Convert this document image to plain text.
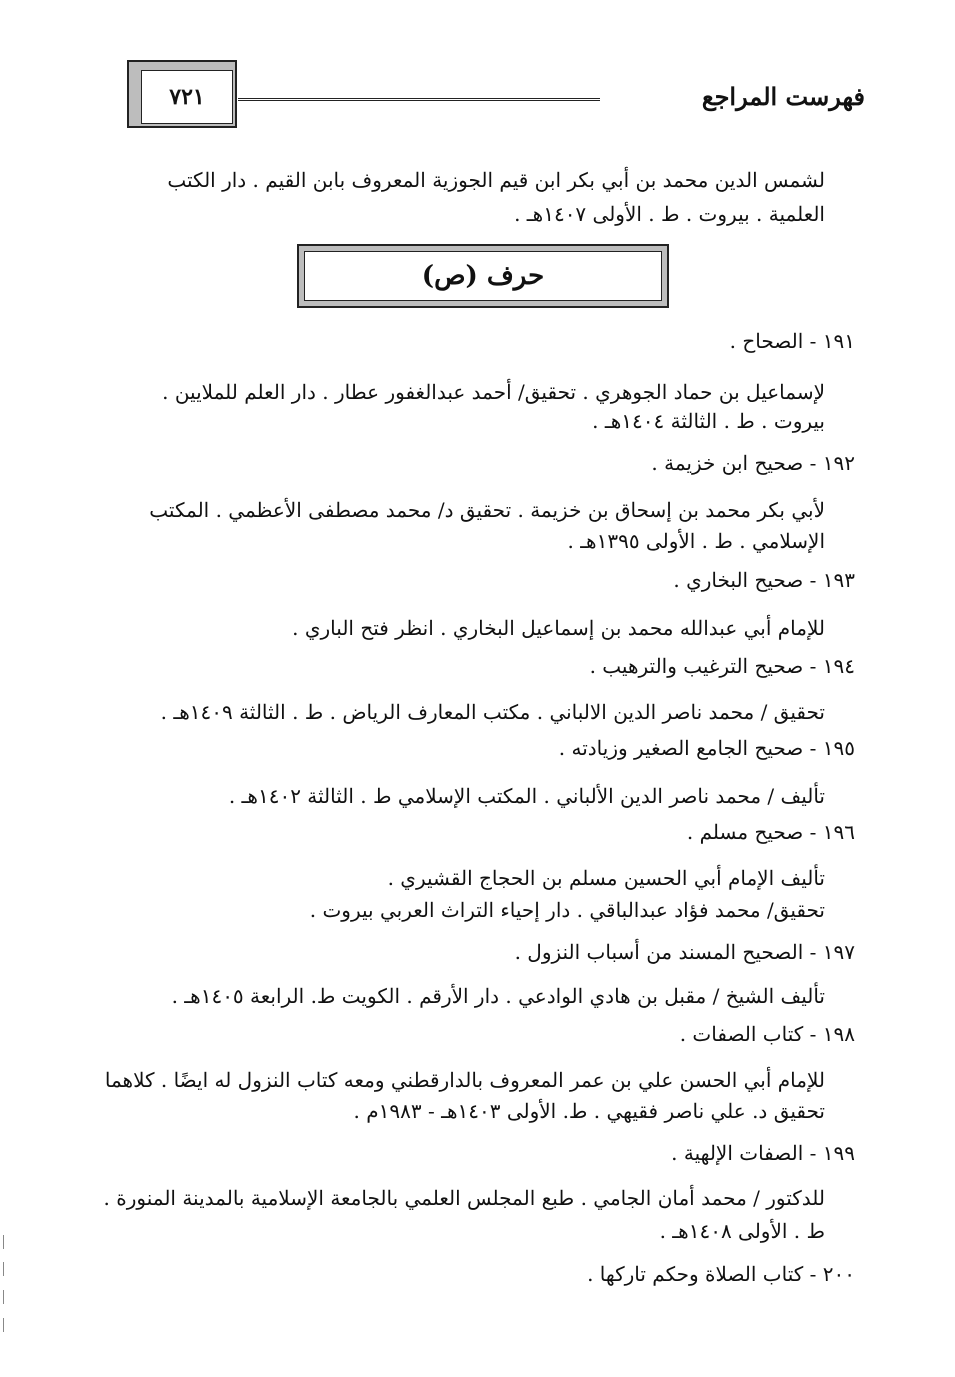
٧٢١	فهرست المراجع
لشمس الدين محمد بن أبي بكر ابن قيم الجوزية المعروف بابن القيم . دار الكتب
العلمية . بيروت . ط . الأولى ١٤٠٧هـ .
حرف (ص)
١٩١ - الصحاح .
لإسماعيل بن حماد الجوهري . تحقيق/ أحمد عبدالغفور عطار . دار العلم للملايين .
بيروت . ط . الثالثة ١٤٠٤هـ .
١٩٢ - صحيح ابن خزيمة .
لأبي بكر محمد بن إسحاق بن خزيمة . تحقيق د/ محمد مصطفى الأعظمي . المكتب
الإسلامي . ط . الأولى ١٣٩٥هـ .
١٩٣ - صحيح البخاري .
للإمام أبي عبدالله محمد بن إسماعيل البخاري . انظر فتح الباري .
١٩٤ - صحيح الترغيب والترهيب .
تحقيق / محمد ناصر الدين الالباني . مكتب المعارف الرياض . ط . الثالثة ١٤٠٩هـ .
١٩٥ - صحيح الجامع الصغير وزيادته .
تأليف / محمد ناصر الدين الألباني . المكتب الإسلامي ط . الثالثة ١٤٠٢هـ .
١٩٦ - صحيح مسلم .
تأليف الإمام أبي الحسين مسلم بن الحجاج القشيري .
تحقيق/ محمد فؤاد عبدالباقي . دار إحياء التراث العربي بيروت .
١٩٧ - الصحيح المسند من أسباب النزول .
تأليف الشيخ / مقبل بن هادي الوادعي . دار الأرقم . الكويت ط. الرابعة ١٤٠٥هـ .
١٩٨ - كتاب الصفات .
للإمام أبي الحسن علي بن عمر المعروف بالدارقطني ومعه كتاب النزول له ايضًا . كلاهما
تحقيق د. علي ناصر فقيهي . ط. الأولى ١٤٠٣هـ - ١٩٨٣م .
١٩٩ - الصفات الإلهية .
للدكتور / محمد أمان الجامي . طبع المجلس العلمي بالجامعة الإسلامية بالمدينة المنورة .
ط . الأولى ١٤٠٨هـ .
٢٠٠ - كتاب الصلاة وحكم تاركها .
